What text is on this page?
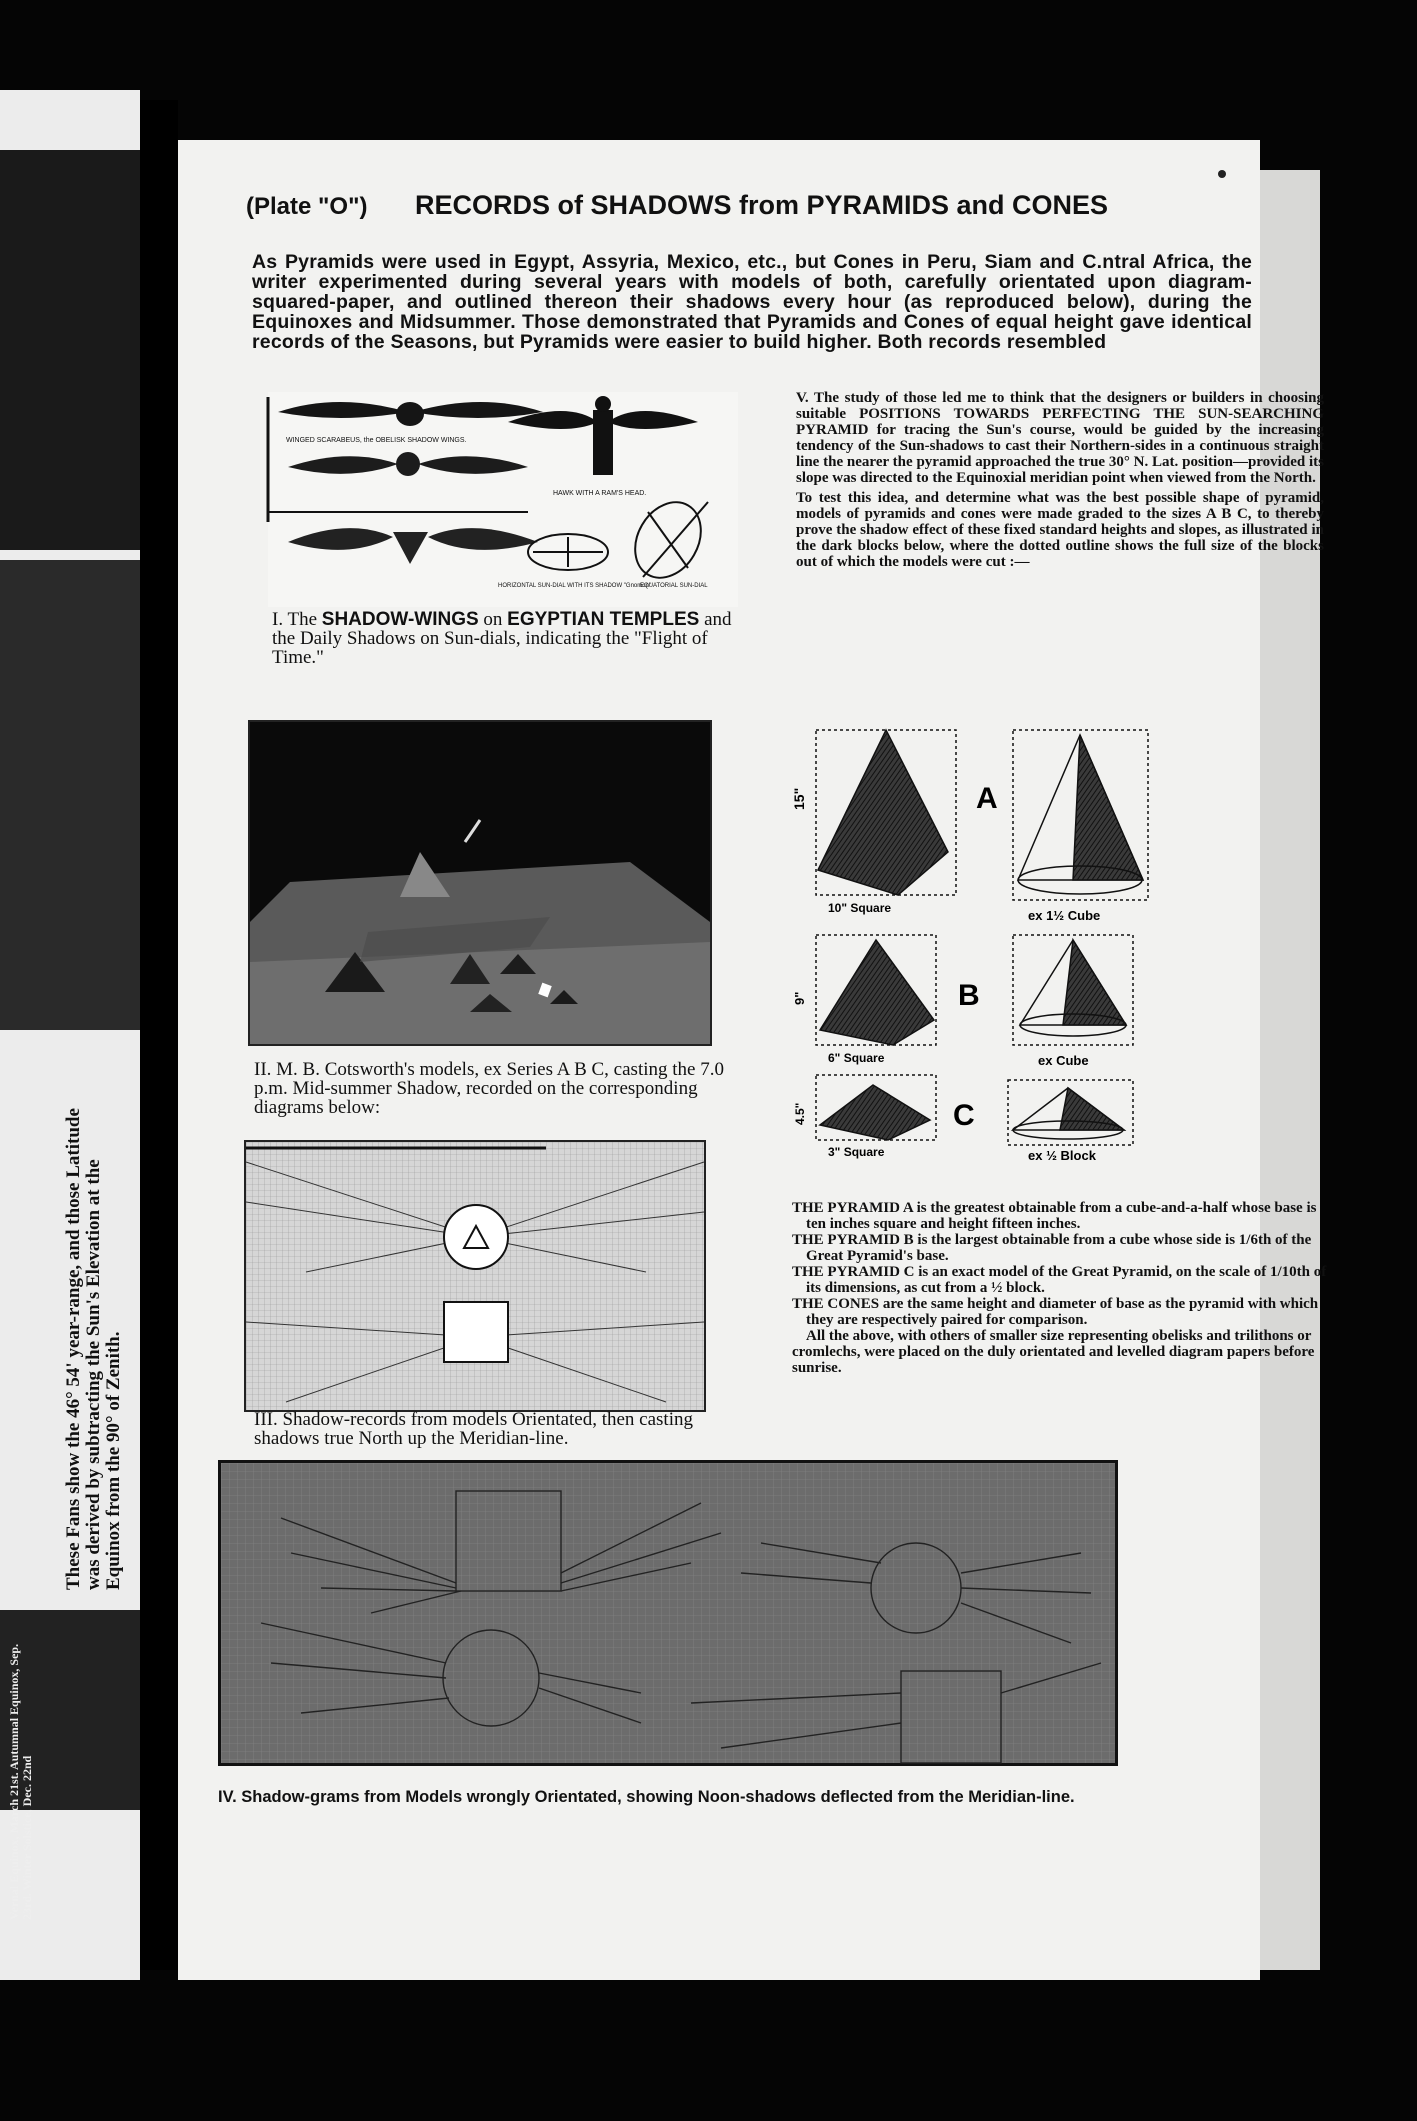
These Fans show the 46° 54' year-range, and those Latitude was derived by subtracting the Sun's Elevation at the Equinox from the 90° of Zenith.
Vernal Equinox, March 21st. Autumnal Equinox, Sep. 23rd. Winter Solstice, Dec. 22nd
(Plate "O") RECORDS of SHADOWS from PYRAMIDS and CONES
As Pyramids were used in Egypt, Assyria, Mexico, etc., but Cones in Peru, Siam and C.ntral Africa, the writer experimented during several years with models of both, carefully orientated upon diagram-squared-paper, and outlined thereon their shadows every hour (as reproduced below), during the Equinoxes and Midsummer. Those demonstrated that Pyramids and Cones of equal height gave identical records of the Seasons, but Pyramids were easier to build higher. Both records resembled
WINGED SCARABEUS, the OBELISK SHADOW WINGS.
HAWK WITH A RAM'S HEAD.
HORIZONTAL SUN-DIAL WITH ITS SHADOW "Gnomon"
EQUATORIAL SUN-DIAL
I. The SHADOW-WINGS on EGYPTIAN TEMPLES and the Daily Shadows on Sun-dials, indicating the "Flight of Time."
II. M. B. Cotsworth's models, ex Series A B C, casting the 7.0 p.m. Mid-summer Shadow, recorded on the corresponding diagrams below:
III. Shadow-records from models Orientated, then casting shadows true North up the Meridian-line.

V. The study of those led me to think that the designers or builders in choosing suitable POSITIONS TOWARDS PERFECTING THE SUN-SEARCHING PYRAMID for tracing the Sun's course, would be guided by the increasing tendency of the Sun-shadows to cast their Northern-sides in a continuous straight line the nearer the pyramid approached the true 30° N. Lat. position—provided its slope was directed to the Equinoxial meridian point when viewed from the North.

To test this idea, and determine what was the best possible shape of pyramid, models of pyramids and cones were made graded to the sizes A B C, to thereby prove the shadow effect of these fixed standard heights and slopes, as illustrated in the dark blocks below, where the dotted outline shows the full size of the blocks out of which the models were cut :—

A
15"
ex 1½ Cube
B
9"
6" Square	ex Cube
C
4.5"
3" Square	ex ½ Block
10" Square
THE PYRAMID A is the greatest obtainable from a cube-and-a-half whose base is ten inches square and height fifteen inches.
THE PYRAMID B is the largest obtainable from a cube whose side is 1/6th of the Great Pyramid's base.
THE PYRAMID C is an exact model of the Great Pyramid, on the scale of 1/10th of its dimensions, as cut from a ½ block.
THE CONES are the same height and diameter of base as the pyramid with which they are respectively paired for comparison.
All the above, with others of smaller size representing obelisks and trilithons or cromlechs, were placed on the duly orientated and levelled diagram papers before sunrise.
IV. Shadow-grams from Models wrongly Orientated, showing Noon-shadows deflected from the Meridian-line.
